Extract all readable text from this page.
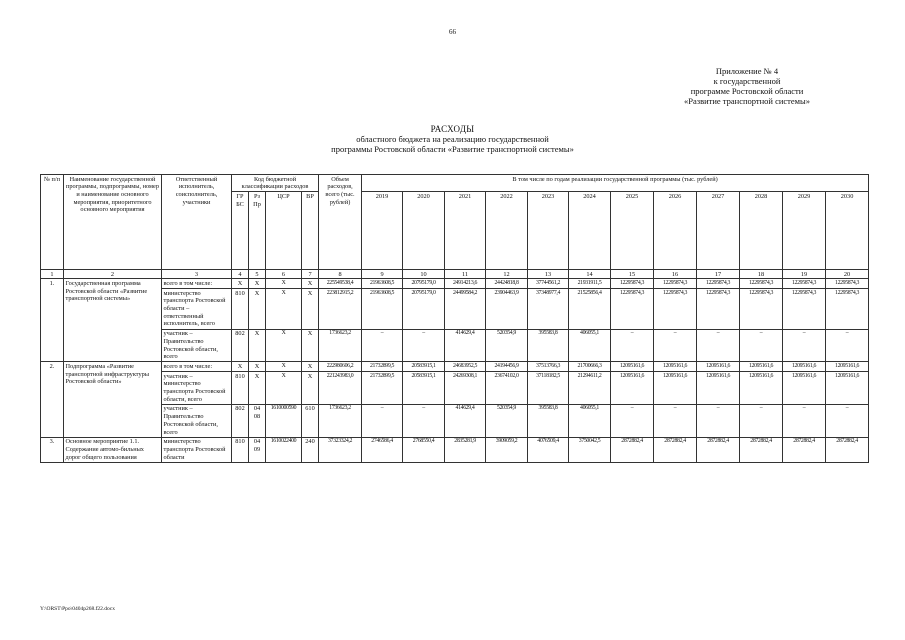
66
Приложение № 4
к государственной
программе Ростовской области
«Развитие транспортной системы»
РАСХОДЫ
областного бюджета на реализацию государственной
программы Ростовской области «Развитие транспортной системы»
№ п/п	Наименование государственной программы, подпрограммы, номер и наименование основного мероприятия, приоритетного основного мероприятия	Ответственный исполнитель, соисполнитель, участники	Код бюджетной классификации расходов				Объем расходов, всего (тыс. рублей)	В том числе по годам реализации государственной программы (тыс. рублей)											
			ГР БС	Рз Пр	ЦСР	ВР		2019	2020	2021	2022	2023	2024	2025	2026	2027	2028	2029	2030
1	2	3	4	5	6	7	8	9	10	11	12	13	14	15	16	17	18	19	20
1.	Государственная программа Ростовской области «Развитие транспортной системы»	всего в том числе:	Х	Х	Х	Х	225549538,4	21963608,5	20795179,0	24914213,6	24424818,8	37744561,2	21931911,5	12295874,3	12295874,3	12295874,3	12295874,3	12295874,3	12295874,3
		министерство транспорта Ростовской области – ответственный исполнитель, всего	810	Х	Х	Х	223812915,2	21963608,5	20795179,0	24499584,2	23904463,9	37348977,4	21525856,4	12295874,3	12295874,3	12295874,3	12295874,3	12295874,3	12295874,3
		участник – Правительство Ростовской области, всего	802	Х	Х	Х	1736623,2	–	–	414629,4	520354,9	395583,8	406055,1	–	–	–	–	–	–
2.	Подпрограмма «Развитие транспортной инфраструктуры Ростовской области»	всего в том числе:	Х	Х	Х	Х	222980606,2	21732899,5	20583915,1	24683952,5	24194456,9	37513766,3	21700666,3	12095161,6	12095161,6	12095161,6	12095161,6	12095161,6	12095161,6
		участник – министерство транспорта Ростовской области, всего	810	Х	Х	Х	221243983,0	21732899,5	20583915,1	24269308,1	23674102,0	37118182,5	21294611,2	12095161,6	12095161,6	12095161,6	12095161,6	12095161,6	12095161,6
		участник – Правительство Ростовской области, всего	802	04 08	1610000590	610	1736623,2	–	–	414629,4	520354,9	395583,8	406055,1	–	–	–	–	–	–
3.	Основное мероприятие 1.1. Содержание автомо-бильных дорог общего пользования	министерство транспорта Ростовской области	810	04 09	1610022400	240	37323324,2	2746586,4	2768550,4	2835281,9	3909059,2	4076509,4	3750042,5	2872882,4	2872882,4	2872882,4	2872882,4	2872882,4	2872882,4
Y:\ORST\Ppo\0404p268.f22.docx
